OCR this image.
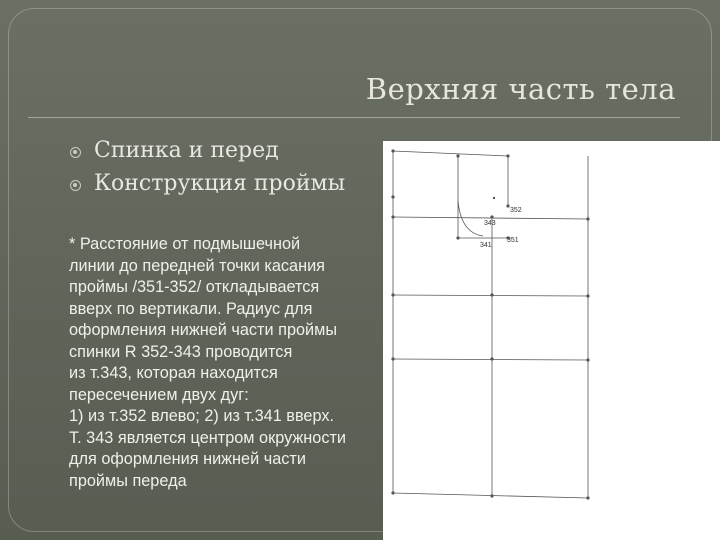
Верхняя часть тела
Спинка и перед
Конструкция проймы
* Расстояние от подмышечной
линии до передней точки касания
проймы /351-352/ откладывается
вверх по вертикали. Радиус для
оформления нижней части проймы
спинки R 352-343 проводится
из т.343, которая находится
пересечением двух дуг:
1) из т.352 влево; 2) из т.341 вверх.
Т. 343 является центром окружности
для оформления нижней части
проймы переда
352
343
341
351
